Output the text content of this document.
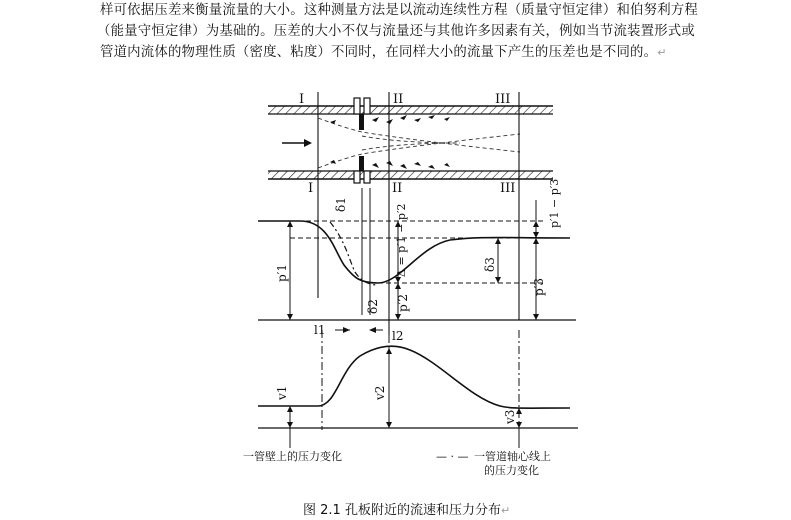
样可依据压差来衡量流量的大小。这种测量方法是以流动连续性方程（质量守恒定律）和伯努利方程

（能量守恒定律）为基础的。压差的大小不仅与流量还与其他许多因素有关，例如当节流装置形式或

管道内流体的物理性质（密度、粘度）不同时，在同样大小的流量下产生的压差也是不同的。↵

I	II	III
I	II	III
p′1
δ1	Δ = p′1 − p′2
p′2
δ2
δ3
p′3
p′1 − p′3
l1	l2
v1	v2
v3
一管壁上的压力变化	— · — 一管道轴心线上
的压力变化
图 2.1 孔板附近的流速和压力分布↵
